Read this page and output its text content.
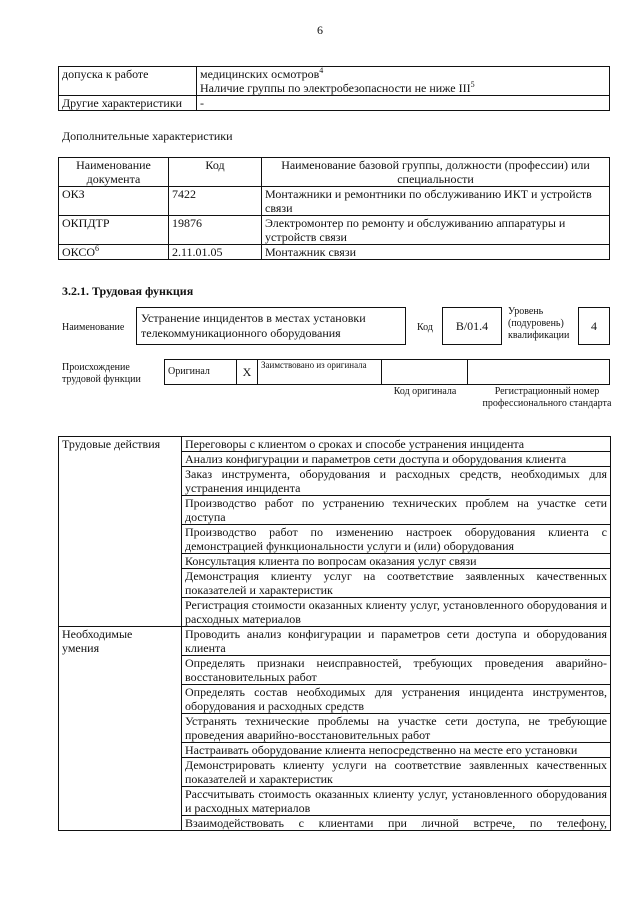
6
допуска к работе	медицинских осмотров$^4$
Наличие группы по электробезопасности не ниже III$^5$

Другие характеристики	-
Дополнительные характеристики
Наименование документа	Код	Наименование базовой группы, должности (профессии) или специальности
ОКЗ	7422	Монтажники и ремонтники по обслуживанию ИКТ и устройств связи
ОКПДТР	19876	Электромонтер по ремонту и обслуживанию аппаратуры и устройств связи
ОКСО$^6$	2.11.01.05	Монтажник связи
3.2.1. Трудовая функция
Наименование
Устранение инцидентов в местах установки телекоммуникационного оборудования	Код	B/01.4
Уровень (подуровень) квалификации
4
Происхождение трудовой функции
Оригинал	X	Заимствовано из оригинала		
Код оригинала	Регистрационный номер профессионального стандарта
Трудовые действия	Переговоры с клиентом о сроках и способе устранения инцидента
	Анализ конфигурации и параметров сети доступа и оборудования клиента
	Заказ инструмента, оборудования и расходных средств, необходимых для устранения инцидента
	Производство работ по устранению технических проблем на участке сети доступа
	Производство работ по изменению настроек оборудования клиента с демонстрацией функциональности услуги и (или) оборудования
	Консультация клиента по вопросам оказания услуг связи
	Демонстрация клиенту услуг на соответствие заявленных качественных показателей и характеристик
	Регистрация стоимости оказанных клиенту услуг, установленного оборудования и расходных материалов
Необходимые умения	Проводить анализ конфигурации и параметров сети доступа и оборудования клиента
	Определять признаки неисправностей, требующих проведения аварийно-восстановительных работ
	Определять состав необходимых для устранения инцидента инструментов, оборудования и расходных средств
	Устранять технические проблемы на участке сети доступа, не требующие проведения аварийно-восстановительных работ
	Настраивать оборудование клиента непосредственно на месте его установки
	Демонстрировать клиенту услуги на соответствие заявленных качественных показателей и характеристик
	Рассчитывать стоимость оказанных клиенту услуг, установленного оборудования и расходных материалов
	Взаимодействовать с клиентами при личной встрече, по телефону,
